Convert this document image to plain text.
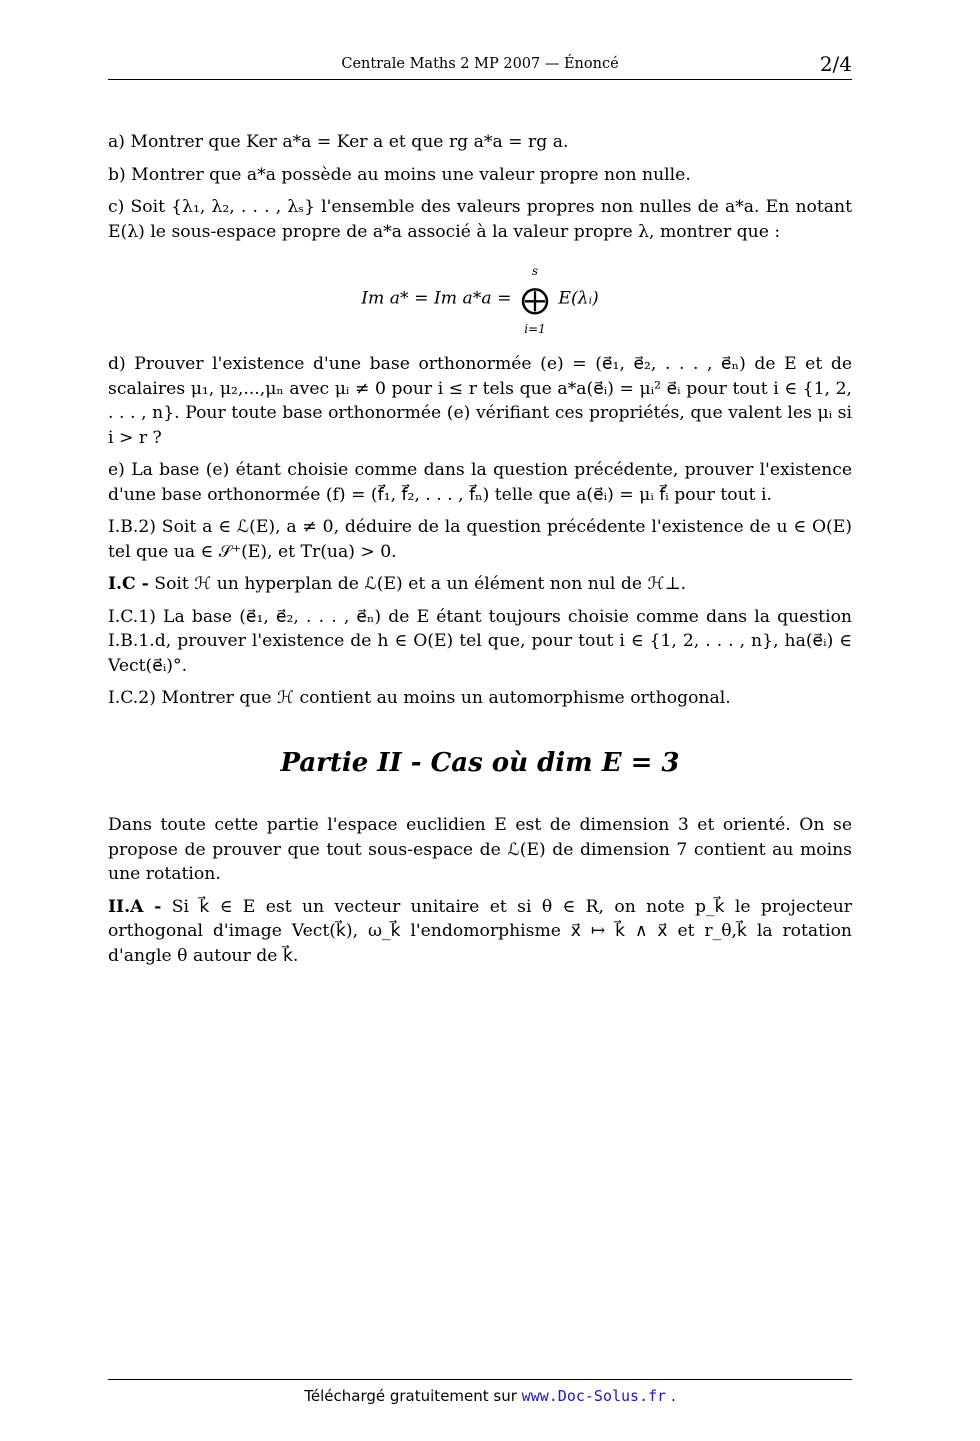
Centrale Maths 2 MP 2007 — Énoncé	2/4

a) Montrer que Ker a*a = Ker a et que rg a*a = rg a.

b) Montrer que a*a possède au moins une valeur propre non nulle.

c) Soit {λ₁, λ₂, . . . , λₛ} l'ensemble des valeurs propres non nulles de a*a. En notant E(λ) le sous-espace propre de a*a associé à la valeur propre λ, montrer que :

Im a* = Im a*a = s
⨁
i=1 E(λᵢ)

d) Prouver l'existence d'une base orthonormée (e) = (e⃗₁, e⃗₂, . . . , e⃗ₙ) de E et de scalaires μ₁, μ₂,...,μₙ avec μᵢ ≠ 0 pour i ≤ r tels que a*a(e⃗ᵢ) = μᵢ² e⃗ᵢ pour tout i ∈ {1, 2, . . . , n}. Pour toute base orthonormée (e) vérifiant ces propriétés, que valent les μᵢ si i > r ?

e) La base (e) étant choisie comme dans la question précédente, prouver l'existence d'une base orthonormée (f) = (f⃗₁, f⃗₂, . . . , f⃗ₙ) telle que a(e⃗ᵢ) = μᵢ f⃗ᵢ pour tout i.

I.B.2) Soit a ∈ ℒ(E), a ≠ 0, déduire de la question précédente l'existence de u ∈ O(E) tel que ua ∈ 𝒮⁺(E), et Tr(ua) > 0.

I.C - Soit ℋ un hyperplan de ℒ(E) et a un élément non nul de ℋ⊥.

I.C.1) La base (e⃗₁, e⃗₂, . . . , e⃗ₙ) de E étant toujours choisie comme dans la question I.B.1.d, prouver l'existence de h ∈ O(E) tel que, pour tout i ∈ {1, 2, . . . , n}, ha(e⃗ᵢ) ∈ Vect(e⃗ᵢ)°.

I.C.2) Montrer que ℋ contient au moins un automorphisme orthogonal.

Partie II - Cas où dim E = 3

Dans toute cette partie l'espace euclidien E est de dimension 3 et orienté. On se propose de prouver que tout sous-espace de ℒ(E) de dimension 7 contient au moins une rotation.

II.A - Si k⃗ ∈ E est un vecteur unitaire et si θ ∈ R, on note p_k⃗ le projecteur orthogonal d'image Vect(k⃗), ω_k⃗ l'endomorphisme x⃗ ↦ k⃗ ∧ x⃗ et r_θ,k⃗ la rotation d'angle θ autour de k⃗.

Téléchargé gratuitement sur www.Doc-Solus.fr .
